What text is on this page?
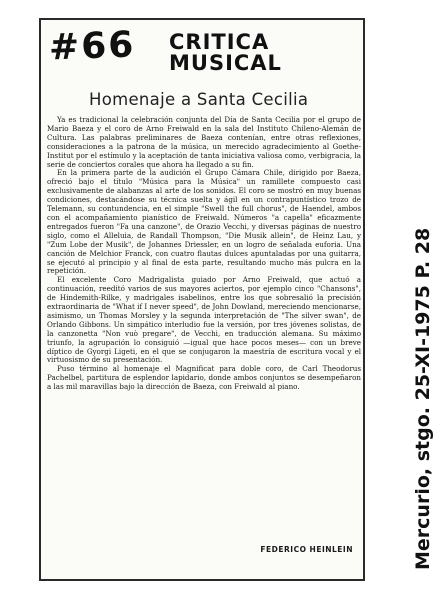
#66 CRITICA
MUSICAL
Homenaje a Santa Cecilia

Ya es tradicional la celebración conjunta del Día de Santa Cecilia por el grupo de Mario Baeza y el coro de Arno Freiwald en la sala del Instituto Chileno-Alemán de Cultura. Las palabras preliminares de Baeza contenían, entre otras reflexiones, consideraciones a la patrona de la música, un merecido agradecimiento al Goethe-Institut por el estímulo y la aceptación de tanta iniciativa valiosa como, verbigracia, la serie de conciertos corales que ahora ha llegado a su fin.

En la primera parte de la audición el Grupo Cámara Chile, dirigido por Baeza, ofreció bajo el título "Música para la Música" un ramillete compuesto casi exclusivamente de alabanzas al arte de los sonidos. El coro se mostró en muy buenas condiciones, destacándose su técnica suelta y ágil en un contrapuntístico trozo de Telemann, su contundencia, en el simple "Swell the full chorus", de Haendel, ambos con el acompañamiento pianístico de Freiwald. Números "a capella" eficazmente entregados fueron "Fa una canzone", de Orazio Vecchi, y diversas páginas de nuestro siglo, como el Alleluia, de Randall Thompson, "Die Musik allein", de Heinz Lau, y "Zum Lobe der Musik", de Johannes Driessler, en un logro de señalada euforia. Una canción de Melchior Franck, con cuatro flautas dulces apuntaladas por una guitarra, se ejecutó al principio y al final de esta parte, resultando mucho más pulcra en la repetición.

El excelente Coro Madrigalista guiado por Arno Freiwald, que actuó a continuación, reeditó varios de sus mayores aciertos, por ejemplo cinco "Chansons", de Hindemith-Rilke, y madrigales isabelinos, entre los que sobresalió la precisión extraordinaria de "What if I never speed", de John Dowland, mereciendo mencionarse, asimismo, un Thomas Morsley y la segunda interpretación de "The silver swan", de Orlando Gibbons. Un simpático interludio fue la versión, por tres jóvenes solistas, de la canzonetta "Non vuò pregare", de Vecchi, en traducción alemana. Su máximo triunfo, la agrupación lo consiguió —igual que hace pocos meses— con un breve díptico de Gyorgi Ligeti, en el que se conjugaron la maestría de escritura vocal y el virtuosismo de su presentación.

Puso término al homenaje el Magnificat para doble coro, de Carl Theodorus Pachelbel, partitura de esplendor lapidario, donde ambos conjuntos se desempeñaron a las mil maravillas bajo la dirección de Baeza, con Freiwald al piano.

FEDERICO HEINLEIN	Mercurio, stgo. 25-XI-1975 P. 28
